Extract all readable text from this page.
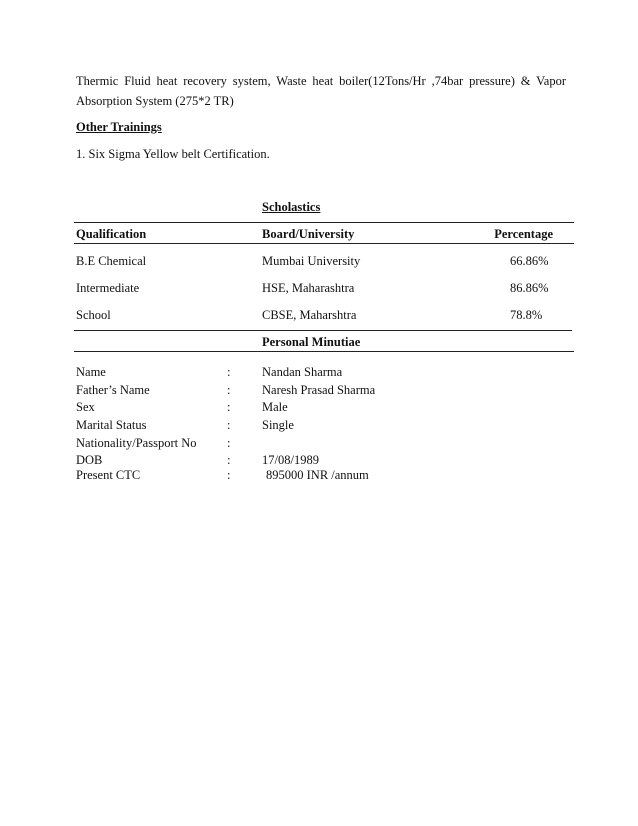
Thermic Fluid heat recovery system, Waste heat boiler(12Tons/Hr ,74bar pressure) & Vapor
Absorption System (275*2 TR)
Other Trainings
1. Six Sigma Yellow belt Certification.
Scholastics
Qualification	Board/University	Percentage
B.E Chemical	Mumbai University	66.86%
Intermediate	HSE, Maharashtra	86.86%
School	CBSE, Maharshtra	78.8%
Personal Minutiae
Name	:	Nandan Sharma
Father’s Name	:	Naresh Prasad Sharma
Sex	:	Male
Marital Status	:	Single
Nationality/Passport No :
DOB	:	17/08/1989
Present CTC	:	895000 INR /annum
